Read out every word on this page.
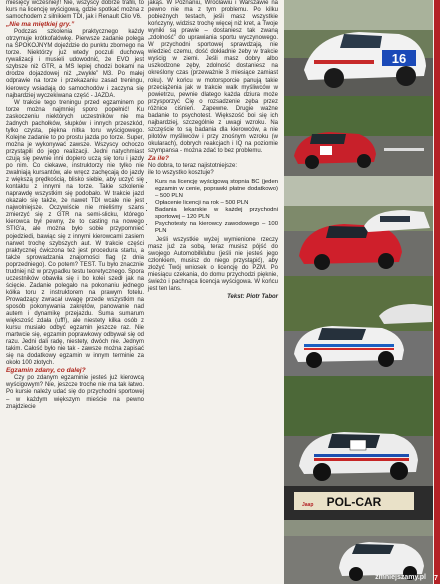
miesięcy wcześniej!! Nie, wszyscy dobrze trafili, to kurs na licencję wyścigową, gdzie spotkać można z samochodem z silnikiem TDI, jak i Renault Clio V6.

„Nie ma miętkiej gry.”

Podczas szkolenia praktycznego każdy otrzymuje krótkofalówkę. Pierwsze zadanie polega na SPOKOJNYM dojeździe do punktu zbornego na torze. Niektórzy już wtedy poczuli duchową rywalizacji i musieli udowodnić, że EVO jest szybsze niż GTR, a MS lepiej chodzi bokami na drodze dojazdowej niż „zwykłe” M3. Po małej odprawie na torze i przekazaniu zasad treningu, kierowcy wsiadają do samochodów i zaczyna się najbardziej wyczekiwana część - JAZDA.

W trakcie tego treningu przed egzaminem po torze można najmniej sporo popełnić! Ku zaskoczeniu niektórych uczestników nie ma żadnych pachołków, słupków i innych przeszkód, tylko czysta, piękna nitka toru wyścigowego. Kolejne zadanie to po prostu jazda po torze. Super, można je wykonywać zawsze. Wszyscy ochoczo przystąpili do jego realizacji. Jedni natychmiast czują się pewnie inni dopiero uczą się toru i jazdy po nim. Co ciekawe, instruktorzy nie tylko nie zwalniają kursantów, ale wręcz zachęcają do jazdy z większą prędkością, blisko siebie, aby uczyć się kontaktu z innymi na torze. Takie szkolenie naprawdę wszystkim się podobało. W trakcie jazd okazało się także, że nawet TDI wcale nie jest najwolniejsze. Oczywiście nie mieliśmy szans zmierzyć się z GTR na semi-slicku, którego kierowca był pewny, że to casting na nowego STIG'a, ale można było sobie przypomnieć pojedziedi, bawiąc się z innymi kierowcami zasiem narwet trochę szybszych aut. W trakcie części praktycznej ćwiczona też jest procedura startu, a także sprowadzania znajomości flag (z dnia poprzedniego). Co potem? TEST. Tu było znacznie trudniej niż w przypadku testu teoretycznego. Spora uczestników obawiła się i bo kolei szedł jak na ścięcie. Zadanie polegało na pokonaniu jednego kółka toru z instruktorem na prawym fotelu. Prowadzący zwracał uwagę przede wszystkim na sposób pokonywania zakrętów, panowanie nad autem i dynamikę przejazdu. Suma sumarum większość zdała (uff!), ale niestety kilka osób z kursu musiało odbyć egzamin jeszcze raz. Nie martwcie się, egzamin poprawkowy odbywał się od razu. Jedni dali radę, niestety, dwóch nie. Jednym takim. Całość było nie tak - zawsze można zapisać się na dodatkowy egzamin w innym terminie za około 100 złotych.

Egzamin zdany, co dalej?

Czy po zdanym egzaminie jesteś już kierowcą wyścigowym? Nie, jeszcze troche nie ma tak łatwo. Po kursie należy udać się do przychodni sportowej – w każdym większym mieście na pewno znajdziecie

jakąś. W Poznaniu, Wrocławiu i Warszawie na pewno nie ma z tym problemu. Po kilku pobieżnych testach, jeśli masz wszystkie kończyny, widzisz trochę więcej niż kret, a Twoje wyniki są prawie – dostaniesz tak zwaną „zdolność” do uprawiania sportu wyczynowego. W przychodni sportowej sprawdzają, nie wiedzieć czemu, dość dokładnie żeby w trakcie wyścig w ziemi. Jeśli masz dobry albo uszkodzone zęby, zdolność dostaniesz na określony czas (przeważnie 3 miesiące zamiast roku). W końcu w motorsporcie panują takie przeciążenia jak w trakcie walk myśliwców w powietrzu, pewnie dlatego każda dziura może przysporzyć Cię o rozsadzenie zęba przez różnice ciśnień. Zapewne. Drugie ważne badanie to psychotest. Większość boi się ich najbardziej, szczególnie z uwagi wzroku. Na szczęście to są badania dla kierowców, a nie pilotów myśliwców i przy znośnym wzroku (w okularach), dobrych reakcjach i IQ na poziomie szympansa - można zdać to bez problemu.

Za ile?

No dobra, to teraz najistotniejsze:

ile to wszystko kosztuje?

• Kurs na licencję wyścigową stopnia BC (jeden egzamin w cenie, poprawki płatne dodatkowo) – 500 PLN
• Opłacenie licencji na rok – 500 PLN
• Badania lekarskie w każdej przychodni sportowej – 120 PLN
• Psychotesty na kierowcy zawodowego – 100 PLN

Jeśli wszystkie wyżej wymienione rzeczy masz już za sobą, teraz musisz pójść do swojego Automobilklubu (jeśli nie jesteś jego członkiem, musisz do niego przystąpić), aby złożyć Twój wniosek o licencję do PZM. Po miesiącu czekania, do domu przychodzi pięknie, świeżo i pachnąca licencja wyścigowa. W końcu jest ten lans.

Tekst: Piotr Tabor

16
POL-CAR
Jaap
zmniejszamy.pl 7
